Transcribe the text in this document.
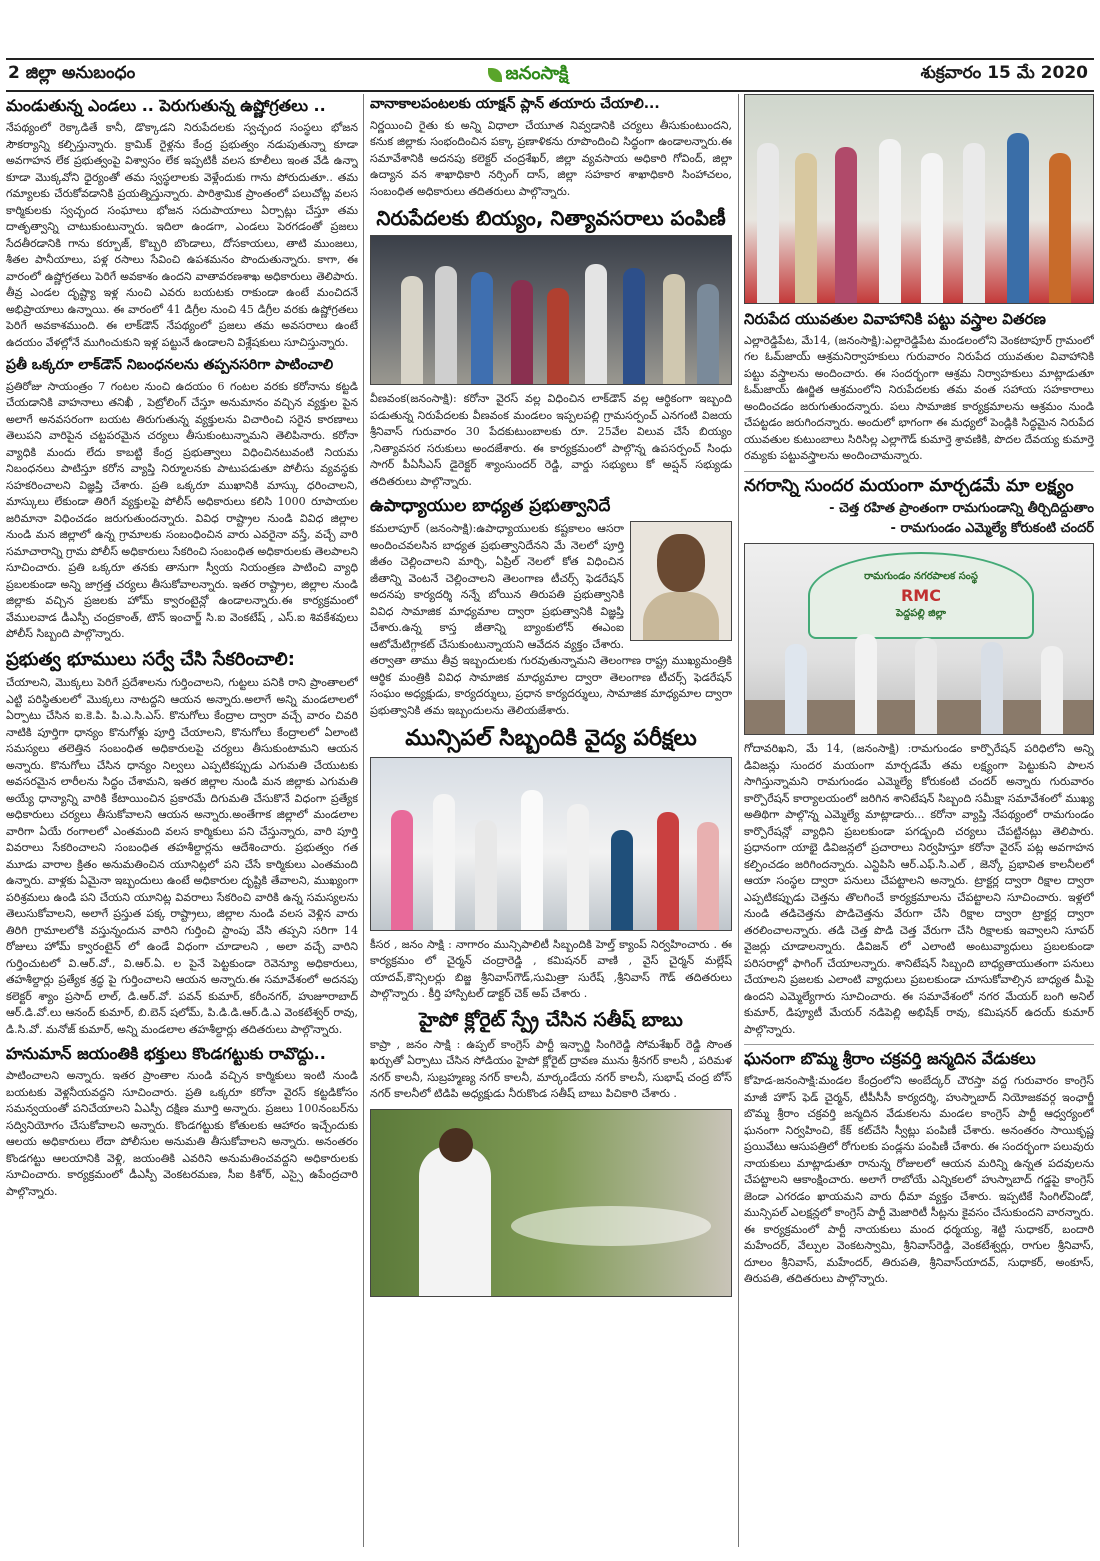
2 జిల్లా అనుబంధం	జనంసాక్షి	శుక్రవారం 15 మే 2020
మండుతున్న ఎండలు .. పెరుగుతున్న ఉష్ణోగ్రతలు ..

నేపథ్యంలో రెక్కాడితే కానీ, డొక్కాడని నిరుపేదలకు స్వచ్ఛంద సంస్థలు భోజన సౌకర్యాన్ని కల్పిస్తున్నారు. క్రామిక్ రైళ్లను కేంద్ర ప్రభుత్వం నడుపుతున్నా కూడా అవగాహన లేక ప్రభుత్వంపై విశ్వాసం లేక ఇప్పటికీ వలస కూలీలు ఇంత వేడి ఉన్నా కూడా మొక్కవోని ధైర్యంతో తమ స్వస్థలాలకు వెళ్లేందుకు గాను పోరుదుతూ.. తమ గమ్యాలకు చేరుకోవడానికి ప్రయత్నిస్తున్నారు. పారిశ్రామిక ప్రాంతంలో పలుచోట్ల వలస కార్మికులకు స్వచ్ఛంద సంఘాలు భోజన సదుపాయాలు ఏర్పాట్లు చేస్తూ తమ దాతృత్వాన్ని చాటుకుంటున్నారు. ఇదిలా ఉండగా, ఎండలు పెరగడంతో ప్రజలు సేదతీరడానికి గాను కర్బూజ్, కొబ్బరి బొండాలు, దోసకాయలు, తాటి ముంజలు, శీతల పానీయాలు, పళ్ల రసాలు సేవించి ఉపశమనం పొందుతున్నారు. కాగా, ఈ వారంలో ఉష్ణోగ్రతలు పెరిగే అవకాశం ఉందని వాతావరణశాఖ అధికారులు తెలిపారు. తీవ్ర ఎండల దృష్ట్యా ఇళ్ల నుంచి ఎవరు బయటకు రాకుండా ఉంటే మంచిదనే అభిప్రాయాలు ఉన్నాయి. ఈ వారంలో 41 డిగ్రీల నుంచి 45 డిగ్రీల వరకు ఉష్ణోగ్రతలు పెరిగే అవకాశముంది. ఈ లాక్‌డౌన్ నేపథ్యంలో ప్రజలు తమ అవసరాలు ఉంటే ఉదయం వేళల్లోనే ముగించుకుని ఇళ్ల పట్టునే ఉండాలని విశ్లేషకులు సూచిస్తున్నారు.

ప్రతీ ఒక్కరూ లాక్‌డౌన్ నిబంధనలను తప్పనసరిగా పాటించాలి

ప్రతిరోజు సాయంత్రం 7 గంటల నుంచి ఉదయం 6 గంటల వరకు కరోనాను కట్టడి చేయడానికి వాహనాలు తనిఖీ , పెట్రోలింగ్ చేస్తూ అనుమానం వచ్చిన వ్యక్తుల పైన అలాగే అనవసరంగా బయట తిరుగుతున్న వ్యక్తులను విచారించి సరైన కారణాలు తెలుపని వారిపైన చట్టపరమైన చర్యలు తీసుకుంటున్నామని తెలిపినారు. కరోనా వ్యాధికి మందు లేదు కాబట్టి కేంద్ర ప్రభుత్వాలు విధించినటువంటి నియమ నిబంధనలు పాటిస్తూ కరోన వ్యాప్తి నిర్మూలనకు పాటుపడుతూ పోలీసు వ్యవస్థకు సహకరించాలని విజ్ఞప్తి చేశారు. ప్రతి ఒక్కరూ ముఖానికి మాస్కు ధరించాలని, మాస్కులు లేకుండా తిరిగే వ్యక్తులపై పోలీస్ అధికారులు కలిసి 1000 రూపాయల జరిమానా విధించడం జరుగుతుందన్నారు. వివిధ రాష్ట్రాల నుండి వివిధ జిల్లాల నుండి మన జిల్లాలో ఉన్న గ్రామాలకు సంబంధించిన వారు ఎవరైనా వస్తే, వచ్చే వారి సమాచారాన్ని గ్రామ పోలీస్ అధికారులు సేకరించి సంబంధిత అధికారులకు తెలపాలని సూచించారు. ప్రతి ఒక్కరూ తనకు తానుగా స్వీయ నియంత్రణ పాటించి వ్యాధి ప్రబలకుండా అన్ని జాగ్రత్త చర్యలు తీసుకోవాలన్నారు. ఇతర రాష్ట్రాల, జిల్లాల నుండి జిల్లాకు వచ్చిన ప్రజలకు హోమ్ క్వారంటైన్లో ఉండాలన్నారు.ఈ కార్యక్రమంలో వేములవాడ డీఎస్పీ చంద్రకాంత్, టౌన్ ఇంచార్జ్ సి.ఐ వెంకటేష్ , ఎస్.ఐ శివకేశవులు పోలీస్ సిబ్బంది పాల్గొన్నారు.

ప్రభుత్వ భూములు సర్వే చేసి సేకరించాలి:

చేయాలని, మొక్కలు పెరిగే ప్రదేశాలను గుర్తించాలని, గుట్టలు పనికి రాని ప్రాంతాలలో ఎట్టి పరిస్థితులలో మొక్కలు నాటద్దని ఆయన అన్నారు.అలాగే అన్ని మండలాలలో ఏర్పాటు చేసిన ఐ.కె.పి. పి.ఎ.సి.ఎస్. కొనుగోలు కేంద్రాల ద్వారా వచ్చే వారం చివరి నాటికి పూర్తిగా ధాన్యం కొనుగోళ్లు పూర్తి చేయాలని, కొనుగోలు కేంద్రాలలో ఏలాంటి సమస్యలు తలెత్తిన సంబంధిత అధికారులపై చర్యలు తీసుకుంటామని ఆయన అన్నారు. కొనుగోలు చేసిన ధాన్యం నిల్వలు ఎప్పటికప్పుడు ఎగుమతి చేయుటకు అవసరమైన లారీలను సిద్ధం చేశామని, ఇతర జిల్లాల నుండి మన జిల్లాకు ఎగుమతి అయ్యే ధాన్యాన్ని వారికి కేటాయించిన ప్రకారమే దిగుమతి చేసుకొనే విధంగా ప్రత్యేక అధికారులు చర్యలు తీసుకోవాలని ఆయన అన్నారు.అంతేగాక జిల్లాలో మండలాల వారిగా ఏయే రంగాలలో ఎంతమంది వలస కార్మికులు పని చేస్తున్నారు, వారి పూర్తి వివరాలు సేకరించాలని సంబంధిత తహశీల్దార్లను ఆదేశించారు. ప్రభుత్వం గత మూడు వారాల క్రితం అనుమతించిన యూనిట్లలో పని చేసే కార్మికులు ఎంతమంది ఉన్నారు. వాళ్లకు ఏమైనా ఇబ్బందులు ఉంటే అధికారుల దృష్టికి తేవాలని, ముఖ్యంగా పరిశ్రమలు ఉండి పని చేయని యూనిట్ల వివరాలు సేకరించి వారికి ఉన్న సమస్యలను తెలుసుకోవాలని, అలాగే ప్రస్తుత పక్క రాష్ట్రాలు, జిల్లాల నుండి వలస వెళ్లిన వారు తిరిగి గ్రామాలలోకి వస్తున్నందున వారిని గుర్తించి స్టాంపు వేసి తప్పని సరిగా 14 రోజులు హోమ్ క్వారంటైన్ లో ఉండే విధంగా చూడాలని , అలా వచ్చే వారిని గుర్తించుటలో వి.ఆర్.వో., వి.ఆర్.ఏ. ల పైనే పెట్టకుండా రెవెన్యూ అధికారులు, తహశీల్దార్లు ప్రత్యేక శ్రద్ధ పై గుర్తించాలని ఆయన అన్నారు.ఈ సమావేశంలో అదనపు కలెక్టర్ శ్యాం ప్రసాద్ లాల్, డి.ఆర్.వో. పవన్ కుమార్, కరీంనగర్, హుజూరాబాద్ ఆర్.డి.వో.లు ఆనంద్ కుమార్, బి.బెన్ షలోమ్, పి.డి.డి.ఆర్.డి.ఎ వెంకటేశ్వర్ రావు, డి.సి.వో. మనోజ్ కుమార్, అన్ని మండలాల తహశీల్దార్లు తదితరులు పాల్గొన్నారు.

హనుమాన్ జయంతికి భక్తులు కొండగట్టుకు రావొద్దు..

పాటించాలని అన్నారు. ఇతర ప్రాంతాల నుండి వచ్చిన కార్మికులు ఇంటి నుండి బయటకు వెళ్లనీయవద్దని సూచించారు. ప్రతి ఒక్కరూ కరోనా వైరస్ కట్టడికోసం సమన్వయంతో పనిచేయాలని ఏఎస్పీ దక్షిణ మూర్తి అన్నారు. ప్రజలు 100నంబర్‌ను సద్వినియోగం చేసుకోవాలని అన్నారు. కొండగట్టుకు కోతులకు ఆహారం ఇచ్చేందుకు ఆలయ అధికారులు లేదా పోలీసుల అనుమతి తీసుకోవాలని అన్నారు. అనంతరం కొండగట్టు ఆలయానికి వెళ్లి, జయంతికి ఎవరిని అనుమతించవద్దని అధికారులకు సూచించారు. కార్యక్రమంలో డీఎస్పీ వెంకటరమణ, సీఐ కిశోర్, ఎస్సై ఉపేంద్రచారి పాల్గొన్నారు.

వానాకాలపంటలకు యాక్షన్ ప్లాన్ తయారు చేయాలి...

నిర్ణయించి రైతు కు అన్ని విధాలా చేయూత నివ్వడానికి చర్యలు తీసుకుంటుందని, కనుక జిల్లాకు సంభందించిన పక్కా ప్రణాళికను రూపొందించి సిద్ధంగా ఉండాలన్నారు.ఈ సమావేశానికి అదనపు కలెక్టర్ చంద్రశేఖర్, జిల్లా వ్యవసాయ అధికారి గోవింద్, జిల్లా ఉద్యాన వన శాఖాధికారి నర్సింగ్ దాస్, జిల్లా సహకార శాఖాధికారి సింహాచలం, సంబంధిత అధికారులు తదితరులు పాల్గొన్నారు.

నిరుపేదలకు బియ్యం, నిత్యావసరాలు పంపిణీ

వీణవంక(జనంసాక్షి): కరోనా వైరస్ వల్ల విధించిన లాక్‌డౌన్ వల్ల ఆర్థికంగా ఇబ్బంది పడుతున్న నిరుపేదలకు వీణవంక మండలం ఇప్పలపల్లి గ్రామసర్పంచ్ ఎనగంటి విజయ శ్రీనివాస్ గురువారం 30 పేదకుటుంబాలకు రూ. 25వేల విలువ చేసే బియ్యం ,నిత్యావసర సరుకులు అందజేశారు. ఈ కార్యక్రమంలో పాల్గొన్న ఉపసర్పంచ్ సింధు సాగర్ పీఏసీఎస్ డైరెక్టర్ శ్యాంసుందర్ రెడ్డి, వార్డు సభ్యులు కో అప్షన్ సభ్యుడు తదితరులు పాల్గొన్నారు.

ఉపాధ్యాయుల బాధ్యత ప్రభుత్వానిదే

కమలాపూర్ (జనంసాక్షి):ఉపాధ్యాయులకు కష్టకాలం ఆసరా అందించవలసిన బాధ్యత ప్రభుత్వానిదేనని మే నెలలో పూర్తి జీతం చెల్లించాలని మార్చి, ఏప్రిల్ నెలలో కోత విధించిన జీతాన్ని వెంటనే చెల్లించాలని తెలంగాణ టీచర్స్ ఫెడరేషన్ అదనపు కార్యదర్శి నన్నే బోయిన తిరుపతి ప్రభుత్వానికి వివిధ సామాజిక మాధ్యమాల ద్వారా ప్రభుత్వానికి విజ్ఞప్తి చేశారు.ఉన్న కాస్త జీతాన్ని బ్యాంకులోన్ ఈఎంఐ ఆటోమేటిగ్గాకట్ చేసుకుంటున్నాయని ఆవేదన వ్యక్తం చేశారు. తర్వాతా తాము తీవ్ర ఇబ్బందులకు గురవుతున్నామని తెలంగాణ రాష్ట్ర ముఖ్యమంత్రికి ఆర్థిక మంత్రికి వివిధ సామాజిక మాధ్యమాల ద్వారా తెలంగాణ టీచర్స్ ఫెడరేషన్ సంఘం అధ్యక్షుడు, కార్యదర్శులు, ప్రధాన కార్యదర్శులు, సామాజిక మాధ్యమాల ద్వారా ప్రభుత్వానికి తమ ఇబ్బందులను తెలియజేశారు.

మున్సిపల్ సిబ్బందికి వైద్య పరీక్షలు

కీసర , జనం సాక్షి : నాగారం మున్సిపాలిటీ సిబ్బందికి హెల్త్ క్యాంప్ నిర్వహించారు . ఈ కార్యక్రమం లో చైర్మన్ చంద్రారెడ్డి , కమిషనర్ వాణి , వైస్ చైర్మన్ మల్లేష్ యాదవ్,కౌన్సిలర్లు బిజ్జ శ్రీనివాస్‌గౌడ్,సుమిత్రా సురేష్ ,శ్రీనివాస్ గౌడ్ తదితరులు పాల్గొన్నారు . కీర్తి హాస్పిటల్ డాక్టర్ చెక్ అప్ చేశారు .

హైపో క్లోరైట్ స్ప్రే చేసిన సతీష్ బాబు

కాప్రా , జనం సాక్షి : ఉప్పల్ కాంగ్రెస్ పార్టీ ఇన్చార్జి సింగిరెడ్డి సోమశేఖర్ రెడ్డి సొంత ఖర్చుతో ఏర్పాటు చేసిన సోడియం హైపో క్లోరైట్ ద్రావణ మును శ్రీనగర్ కాలనీ , పరిమళ నగర్ కాలనీ, సుబ్రహ్మణ్య నగర్ కాలనీ, మార్కండేయ నగర్ కాలనీ, సుభాష్ చంద్ర బోస్ నగర్ కాలనీలో టిడిపి అధ్యక్షుడు నీరుకొండ సతీష్ బాబు పిచికారి చేశారు .

నిరుపేద యువతుల వివాహానికి పట్టు వస్త్రాల వితరణ

ఎల్లారెడ్డిపేట, మే14, (జనంసాక్షి):ఎల్లారెడ్డిపేట మండలంలోని వెంకటాపూర్ గ్రామంలో గల ఓమ్‌జాయ్ ఆశ్రమనిర్వాహకులు గురువారం నిరుపేద యువతుల వివాహానికి పట్టు వస్త్రాలను అందించారు. ఈ సందర్భంగా ఆశ్రమ నిర్వాహకులు మాట్లాడుతూ ఓమ్‌జాయ్ ఊర్జిత ఆశ్రమంలోని నిరుపేదలకు తమ వంత సహాయ సహకారాలు అందించడం జరుగుతుందన్నారు. పలు సామాజిక కార్యక్రమాలను ఆశ్రమం నుండి చేపట్టడం జరుగిందన్నారు. అందులో భాగంగా ఈ మధ్యలో పెండ్లికి సిద్ధమైన నిరుపేద యువతుల కుటుంబాలు సిరిసిల్ల ఎల్లాగౌడ్ కుమార్తె శ్రావణికి, పొదల దేవయ్య కుమార్తె రమ్యకు పట్టువస్త్రాలను అందించామన్నారు.

నగరాన్ని సుందర మయంగా మార్చడమే మా లక్ష్యం
- చెత్త రహిత ప్రాంతంగా రామగుండాన్ని తీర్చిదిద్దుతాం
- రామగుండం ఎమ్మెల్యే కోరుకంటి చందర్
రామగుండం నగరపాలక సంస్థ
RMC
పెద్దపల్లి జిల్లా

గోదావరిఖని, మే 14, (జనంసాక్షి) :రామగుండం కార్పొరేషన్ పరిధిలోని అన్ని డివిజన్లు సుందర మయంగా మార్చడమే తమ లక్ష్యంగా పెట్టుకుని పాలన సాగిస్తున్నామని రామగుండం ఎమ్మెల్యే కోరుకంటి చందర్ అన్నారు గురువారం కార్పొరేషన్ కార్యాలయంలో జరిగిన శానిటేషన్ సిబ్బంది సమీక్షా సమావేశంలో ముఖ్య అతిథిగా పాల్గొన్న ఎమ్మెల్యే మాట్లాడారు... కరోనా వ్యాప్తి నేపథ్యంలో రామగుండం కార్పొరేషన్లో వ్యాధిని ప్రబలకుండా పగడ్బంది చర్యలు చేపట్టినట్లు తెలిపారు. ప్రధానంగా యాభై డివిజన్లలో ప్రచారాలు నిర్వహిస్తూ కరోనా వైరస్ పట్ల అవగాహన కల్పించడం జరిగిందన్నారు. ఎన్టిపిసి ఆర్.ఎఫ్.సి.ఎల్ , జెన్కో ప్రభావిత కాలనీలలో ఆయా సంస్థల ద్వారా పనులు చేపట్టాలని అన్నారు. ట్రాక్టర్ల ద్వారా రిక్షాల ద్వారా ఎప్పటికప్పుడు చెత్తను తొలగించే కార్యక్రమాలను చేపట్టాలని సూచించారు. ఇళ్లలో నుండి తడిచెత్తను పొడిచెత్తను వేరుగా చేసి రిక్షాల ద్వారా ట్రాక్టర్ల ద్వారా తరలించాలన్నారు. తడి చెత్త పొడి చెత్త వేరుగా చేసి రిక్షాలకు ఇవ్వాలని సూపర్ వైజర్లు చూడాలన్నారు. డివిజన్ లో ఎలాంటి అంటువ్యాధులు ప్రబలకుండా పరిసరాల్లో ఫాగింగ్ చేయాలన్నారు. శానిటేషన్ సిబ్బంది బాధ్యతాయుతంగా పనులు చేయాలని ప్రజలకు ఎలాంటి వ్యాధులు ప్రబలకుండా చూసుకోవాల్సిన బాధ్యత మీపై ఉందని ఎమ్మెల్యేగారు సూచించారు. ఈ సమావేశంలో నగర మేయర్ బంగి అనిల్ కుమార్, డిప్యూటీ మేయర్ నడిపెల్లి అభిషేక్ రావు, కమిషనర్ ఉదయ్ కుమార్ పాల్గొన్నారు.

ఘనంగా బొమ్మ శ్రీరాం చక్రవర్తి జన్మదిన వేడుకలు

కోహెడ-జనంసాక్షి:మండల కేంద్రంలోని అంబేద్కర్ చౌరస్తా వద్ద గురువారం కాంగ్రెస్ మాజీ హౌస్ ఫెడ్ చైర్మన్, టీపీసీసీ కార్యదర్శి, హుస్నాబాద్ నియోజకవర్గ ఇంఛార్జీ బొమ్మ శ్రీరాం చక్రవర్తి జన్మదిన వేడుకలను మండల కాంగ్రెస్ పార్టీ ఆధ్వర్యంలో ఘనంగా నిర్వహించి, కేక్ కట్‌చేసి స్వీట్లు పంపిణీ చేశారు. అనంతరం సాయికృష్ణ ప్రయివేటు ఆసుపత్రిలో రోగులకు పండ్లను పంపిణీ చేశారు. ఈ సందర్భంగా పలువురు నాయకులు మాట్లాడుతూ రానున్న రోజులలో ఆయన మరిన్ని ఉన్నత పదవులను చేపట్టాలని ఆకాంక్షించారు. అలాగే రాబోయే ఎన్నికలలో హుస్నాబాద్ గడ్డపై కాంగ్రెస్ జెండా ఎగరడం ఖాయమని వారు ధీమా వ్యక్తం చేశారు. ఇప్పటికే సింగిల్‌విండో, మున్సిపల్ ఎలక్షన్లలో కాంగ్రెస్ పార్టీ మెజారిటీ సీట్లను కైవసం చేసుకుందని వారన్నారు. ఈ కార్యక్రమంలో పార్టీ నాయకులు మంద ధర్మయ్య, శెట్టి సుధాకర్, బందారి మహేందర్, వేల్పుల వెంకటస్వామి, శ్రీనివాస్‌రెడ్డి, వెంకటేశ్వర్లు, రాగుల శ్రీనివాస్, దూలం శ్రీనివాస్, మహేందర్, తిరుపతి, శ్రీనివాస్‌యాదవ్, సుధాకర్, అంకూస్, తిరుపతి, తదితరులు పాల్గొన్నారు.
